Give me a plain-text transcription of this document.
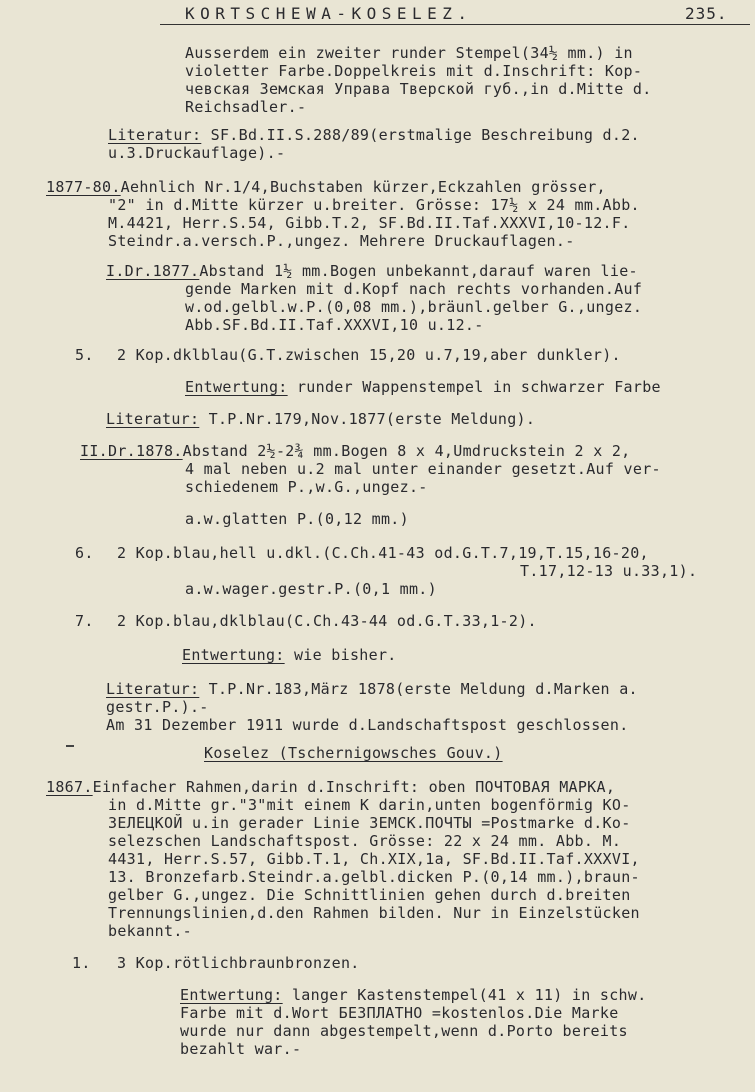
KORTSCHEWA-KOSELEZ.	235.
Ausserdem ein zweiter runder Stempel(34½ mm.) in
violetter Farbe.Doppelkreis mit d.Inschrift: Кор-
чевская Земская Управа Тверской губ.,in d.Mitte d.
Reichsadler.-
Literatur: SF.Bd.II.S.288/89(erstmalige Beschreibung d.2.
u.3.Druckauflage).-
1877-80.Aehnlich Nr.1/4,Buchstaben kürzer,Eckzahlen grösser,
"2" in d.Mitte kürzer u.breiter. Grösse: 17½ x 24 mm.Abb.
M.4421, Herr.S.54, Gibb.T.2, SF.Bd.II.Taf.XXXVI,10-12.F.
Steindr.a.versch.P.,ungez. Mehrere Druckauflagen.-
I.Dr.1877.Abstand 1½ mm.Bogen unbekannt,darauf waren lie-
gende Marken mit d.Kopf nach rechts vorhanden.Auf
w.od.gelbl.w.P.(0,08 mm.),bräunl.gelber G.,ungez.
Abb.SF.Bd.II.Taf.XXXVI,10 u.12.-
5. 2 Kop.dklblau(G.T.zwischen 15,20 u.7,19,aber dunkler).
Entwertung: runder Wappenstempel in schwarzer Farbe
Literatur: T.P.Nr.179,Nov.1877(erste Meldung).
II.Dr.1878.Abstand 2½-2¾ mm.Bogen 8 x 4,Umdruckstein 2 x 2,
4 mal neben u.2 mal unter einander gesetzt.Auf ver-
schiedenem P.,w.G.,ungez.-
a.w.glatten P.(0,12 mm.)
6. 2 Kop.blau,hell u.dkl.(C.Ch.41-43 od.G.T.7,19,T.15,16-20,
T.17,12-13 u.33,1).
a.w.wager.gestr.P.(0,1 mm.)
7. 2 Kop.blau,dklblau(C.Ch.43-44 od.G.T.33,1-2).
Entwertung: wie bisher.
Literatur: T.P.Nr.183,März 1878(erste Meldung d.Marken a.
gestr.P.).-
Am 31 Dezember 1911 wurde d.Landschaftspost geschlossen.
Koselez (Tschernigowsches Gouv.)
1867.Einfacher Rahmen,darin d.Inschrift: oben ПОЧТОВАЯ МАРКА,
in d.Mitte gr."3"mit einem К darin,unten bogenförmig КО-
ЗЕЛЕЦКОЙ u.in gerader Linie ЗЕМСК.ПОЧТЫ =Postmarke d.Ko-
selezschen Landschaftspost. Grösse: 22 x 24 mm. Abb. M.
4431, Herr.S.57, Gibb.T.1, Ch.XIX,1a, SF.Bd.II.Taf.XXXVI,
13. Bronzefarb.Steindr.a.gelbl.dicken P.(0,14 mm.),braun-
gelber G.,ungez. Die Schnittlinien gehen durch d.breiten
Trennungslinien,d.den Rahmen bilden. Nur in Einzelstücken
bekannt.-
1. 3 Kop.rötlichbraunbronzen.
Entwertung: langer Kastenstempel(41 x 11) in schw.
Farbe mit d.Wort БЕЗПЛАТНО =kostenlos.Die Marke
wurde nur dann abgestempelt,wenn d.Porto bereits
bezahlt war.-
